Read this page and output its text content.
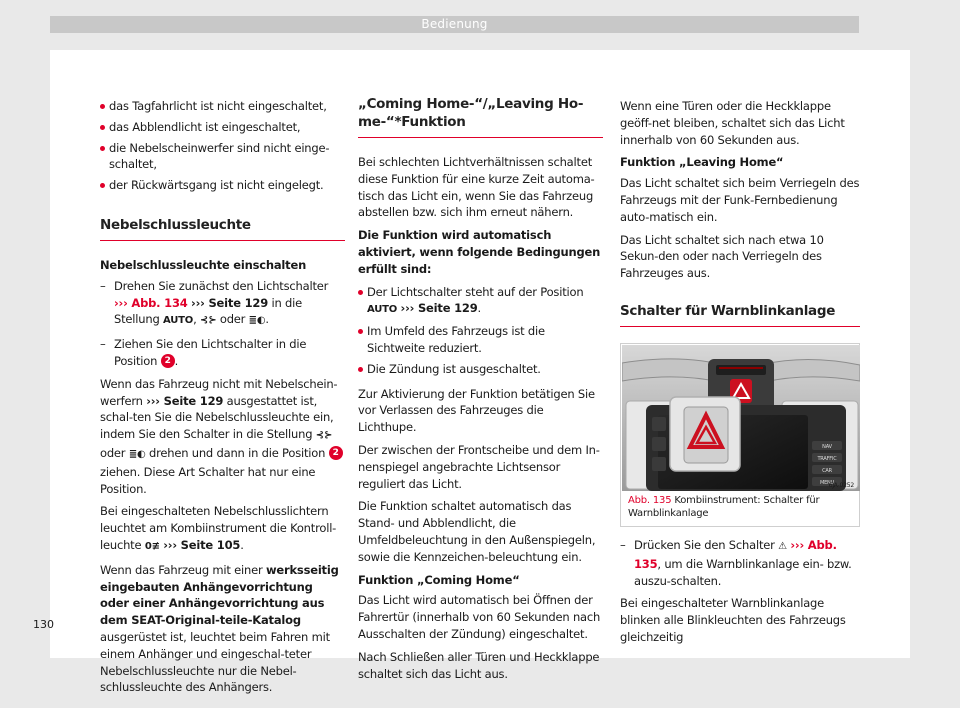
Bedienung
das Tagfahrlicht ist nicht eingeschaltet,
das Abblendlicht ist eingeschaltet,
die Nebelscheinwerfer sind nicht einge-schaltet,
der Rückwärtsgang ist nicht eingelegt.
Nebelschlussleuchte
Nebelschlussleuchte einschalten
– Drehen Sie zunächst den Lichtschalter ››› Abb. 134 ››› Seite 129 in die Stellung AUTO, ⊰⊱ oder ≣◐.
– Ziehen Sie den Lichtschalter in die Position 2 .

Wenn das Fahrzeug nicht mit Nebelschein-werfern ››› Seite 129 ausgestattet ist, schal-ten Sie die Nebelschlussleuchte ein, indem Sie den Schalter in die Stellung ⊰⊱ oder ≣◐ drehen und dann in die Position 2 ziehen. Diese Art Schalter hat nur eine Position.

Bei eingeschalteten Nebelschlusslichtern leuchtet am Kombiinstrument die Kontroll-leuchte 0≢ ››› Seite 105.

Wenn das Fahrzeug mit einer werksseitig eingebauten Anhängevorrichtung oder einer Anhängevorrichtung aus dem SEAT-Original-teile-Katalog ausgerüstet ist, leuchtet beim Fahren mit einem Anhänger und eingeschal-teter Nebelschlussleuchte nur die Nebel-schlussleuchte des Anhängers.

„Coming Home-“/„Leaving Ho-me-“*Funktion

Bei schlechten Lichtverhältnissen schaltet diese Funktion für eine kurze Zeit automa-tisch das Licht ein, wenn Sie das Fahrzeug abstellen bzw. sich ihm erneut nähern.

Die Funktion wird automatisch aktiviert, wenn folgende Bedingungen erfüllt sind:

Der Lichtschalter steht auf der Position AUTO ››› Seite 129.
Im Umfeld des Fahrzeugs ist die Sichtweite reduziert.
Die Zündung ist ausgeschaltet.

Zur Aktivierung der Funktion betätigen Sie vor Verlassen des Fahrzeuges die Lichthupe.

Der zwischen der Frontscheibe und dem In-nenspiegel angebrachte Lichtsensor reguliert das Licht.

Die Funktion schaltet automatisch das Stand- und Abblendlicht, die Umfeldbeleuchtung in den Außenspiegeln, sowie die Kennzeichen-beleuchtung ein.

Funktion „Coming Home“

Das Licht wird automatisch bei Öffnen der Fahrertür (innerhalb von 60 Sekunden nach Ausschalten der Zündung) eingeschaltet.

Nach Schließen aller Türen und Heckklappe schaltet sich das Licht aus.

Wenn eine Türen oder die Heckklappe geöff-net bleiben, schaltet sich das Licht innerhalb von 60 Sekunden aus.

Funktion „Leaving Home“

Das Licht schaltet sich beim Verriegeln des Fahrzeugs mit der Funk-Fernbedienung auto-matisch ein.

Das Licht schaltet sich nach etwa 10 Sekun-den oder nach Verriegeln des Fahrzeuges aus.

Schalter für Warnblinkanlage
NAV
TRAFFIC
CAR
MENU
6JA-0252
Abb. 135 Kombiinstrument: Schalter für Warnblinkanlage
– Drücken Sie den Schalter ⚠ ››› Abb. 135, um die Warnblinkanlage ein- bzw. auszu-schalten.

Bei eingeschalteter Warnblinkanlage blinken alle Blinkleuchten des Fahrzeugs gleichzeitig

130
